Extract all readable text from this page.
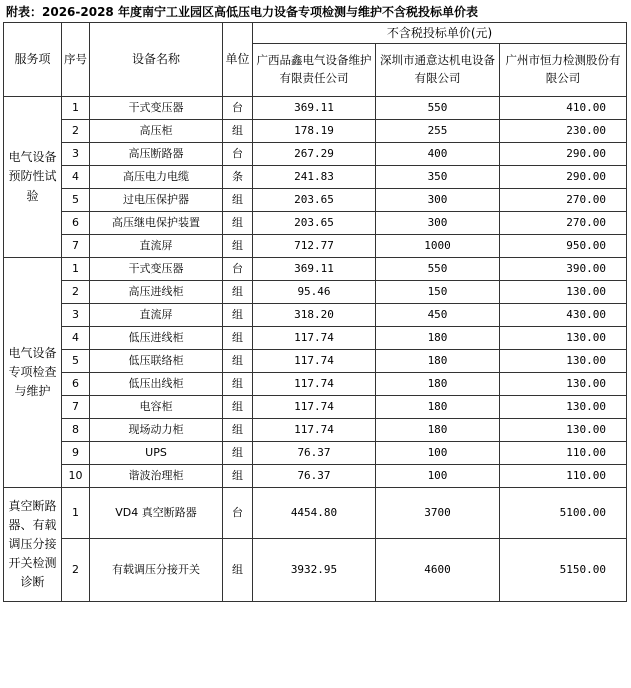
附表：2026-2028 年度南宁工业园区高低压电力设备专项检测与维护不含税投标单价表
服务项	序号	设备名称	单位	不含税投标单价(元)		
				广西品鑫电气设备维护有限责任公司	深圳市通意达机电设备有限公司	广州市恒力检测股份有限公司
电气设备预防性试验	1	干式变压器	台	369.11	550	410.00
	2	高压柜	组	178.19	255	230.00
	3	高压断路器	台	267.29	400	290.00
	4	高压电力电缆	条	241.83	350	290.00
	5	过电压保护器	组	203.65	300	270.00
	6	高压继电保护装置	组	203.65	300	270.00
	7	直流屏	组	712.77	1000	950.00
电气设备专项检查与维护	1	干式变压器	台	369.11	550	390.00
	2	高压进线柜	组	95.46	150	130.00
	3	直流屏	组	318.20	450	430.00
	4	低压进线柜	组	117.74	180	130.00
	5	低压联络柜	组	117.74	180	130.00
	6	低压出线柜	组	117.74	180	130.00
	7	电容柜	组	117.74	180	130.00
	8	现场动力柜	组	117.74	180	130.00
	9	UPS	组	76.37	100	110.00
	10	谐波治理柜	组	76.37	100	110.00
真空断路器、有载调压分接开关检测诊断	1	VD4 真空断路器	台	4454.80	3700	5100.00
	2	有载调压分接开关	组	3932.95	4600	5150.00
